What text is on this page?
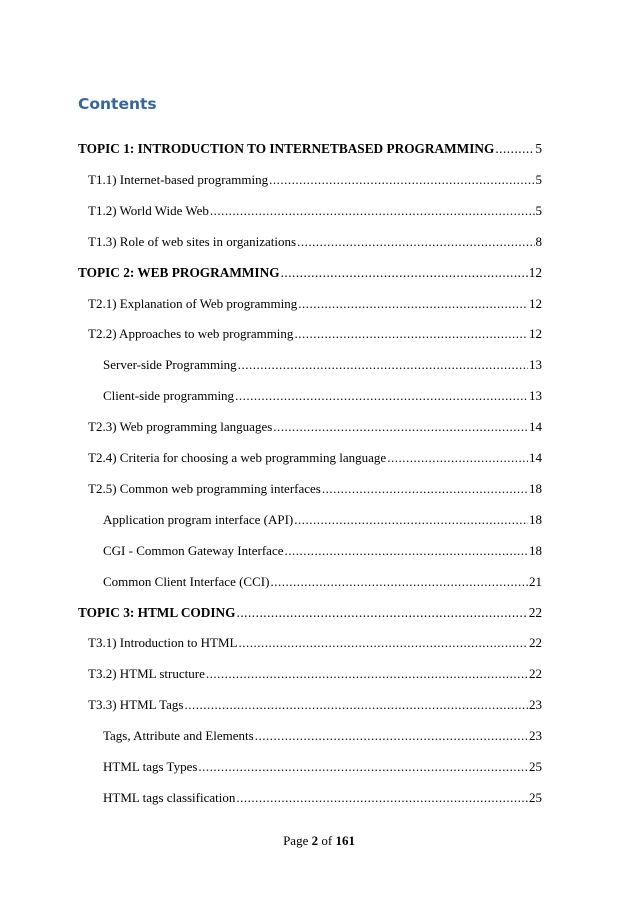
Contents
TOPIC 1: INTRODUCTION TO INTERNETBASED PROGRAMMING .....	5
T1.1) Internet-based programming .....	5
T1.2) World Wide Web .....	5
T1.3) Role of web sites in organizations .....	8
TOPIC 2: WEB PROGRAMMING .....	12
T2.1) Explanation of Web programming .....	12
T2.2) Approaches to web programming .....	12
Server-side Programming .....	13
Client-side programming .....	13
T2.3) Web programming languages .....	14
T2.4) Criteria for choosing a web programming language .....	14
T2.5) Common web programming interfaces .....	18
Application program interface (API) .....	18
CGI - Common Gateway Interface .....	18
Common Client Interface (CCI) .....	21
TOPIC 3: HTML CODING .....	22
T3.1) Introduction to HTML .....	22
T3.2) HTML structure .....	22
T3.3) HTML Tags .....	23
Tags, Attribute and Elements .....	23
HTML tags Types .....	25
HTML tags classification .....	25
Page 2 of 161
